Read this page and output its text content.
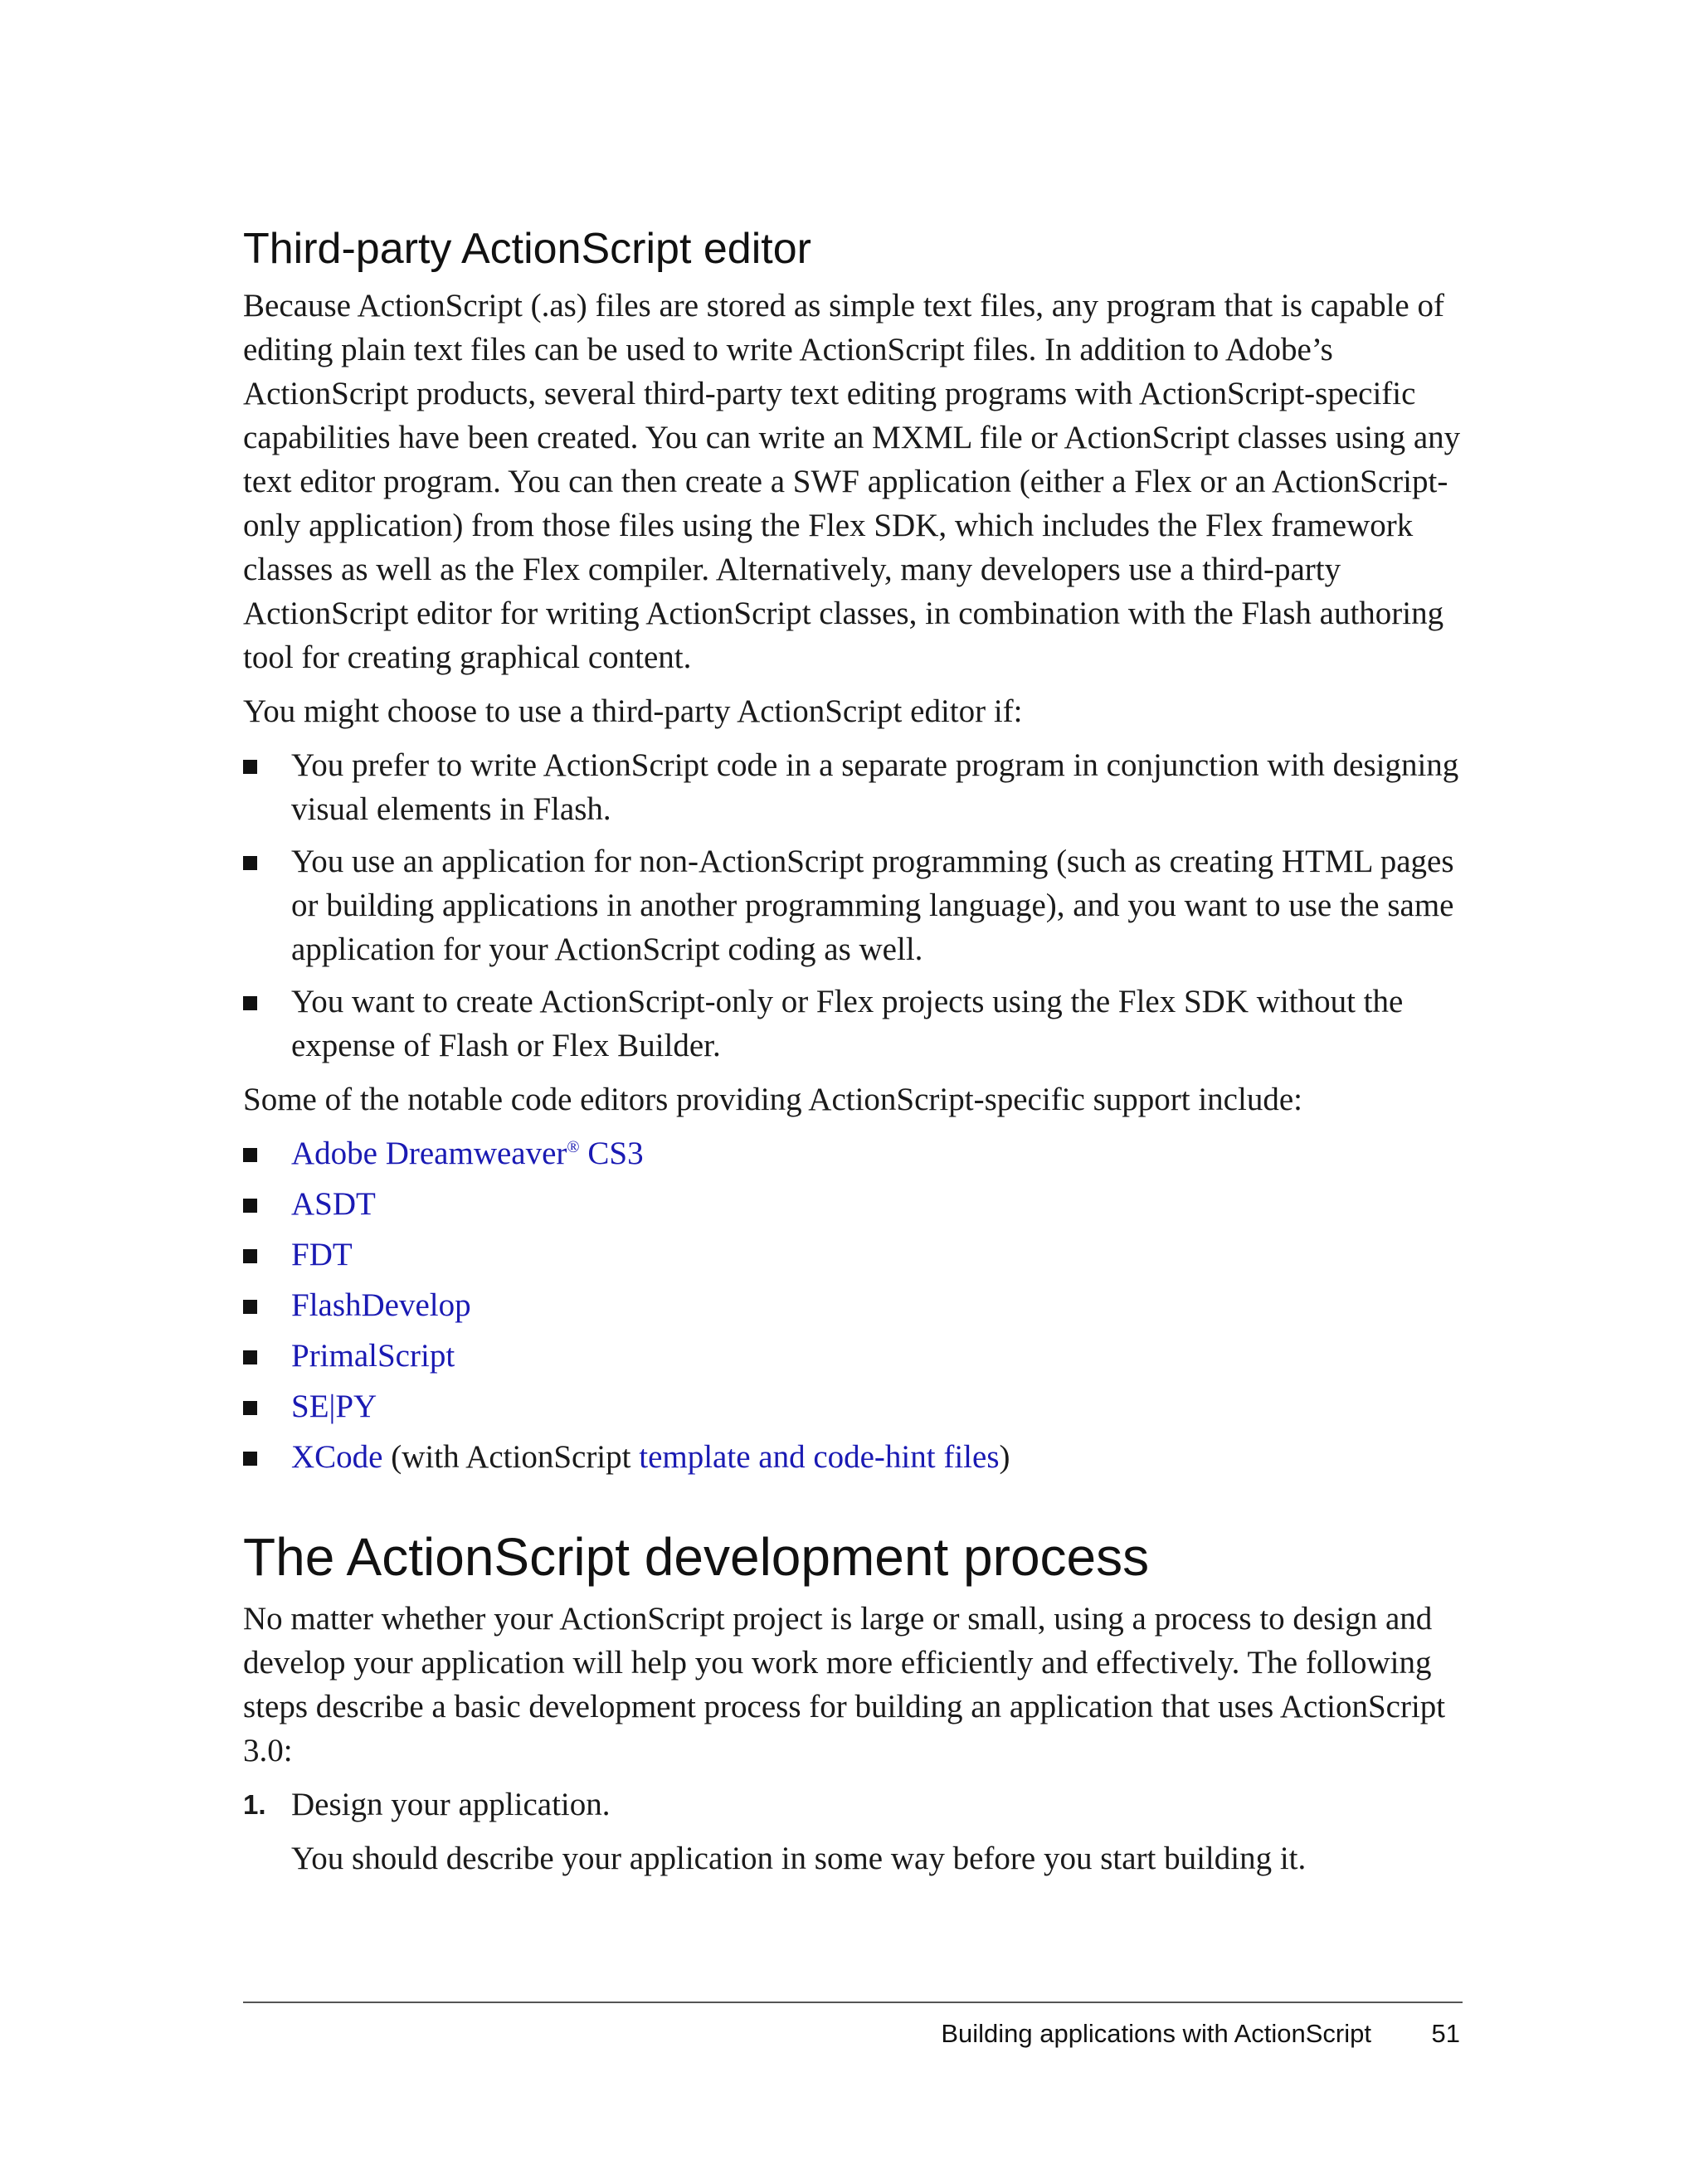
Third-party ActionScript editor

Because ActionScript (.as) files are stored as simple text files, any program that is capable of editing plain text files can be used to write ActionScript files. In addition to Adobe’s ActionScript products, several third-party text editing programs with ActionScript-specific capabilities have been created. You can write an MXML file or ActionScript classes using any text editor program. You can then create a SWF application (either a Flex or an ActionScript-only application) from those files using the Flex SDK, which includes the Flex framework classes as well as the Flex compiler. Alternatively, many developers use a third-party ActionScript editor for writing ActionScript classes, in combination with the Flash authoring tool for creating graphical content.

You might choose to use a third-party ActionScript editor if:

You prefer to write ActionScript code in a separate program in conjunction with designing visual elements in Flash.
You use an application for non-ActionScript programming (such as creating HTML pages or building applications in another programming language), and you want to use the same application for your ActionScript coding as well.
You want to create ActionScript-only or Flex projects using the Flex SDK without the expense of Flash or Flex Builder.

Some of the notable code editors providing ActionScript-specific support include:

Adobe Dreamweaver® CS3
ASDT
FDT
FlashDevelop
PrimalScript
SE|PY
XCode (with ActionScript template and code-hint files)
The ActionScript development process

No matter whether your ActionScript project is large or small, using a process to design and develop your application will help you work more efficiently and effectively. The following steps describe a basic development process for building an application that uses ActionScript 3.0:

1. Design your application.

You should describe your application in some way before you start building it.

Building applications with ActionScript 51
